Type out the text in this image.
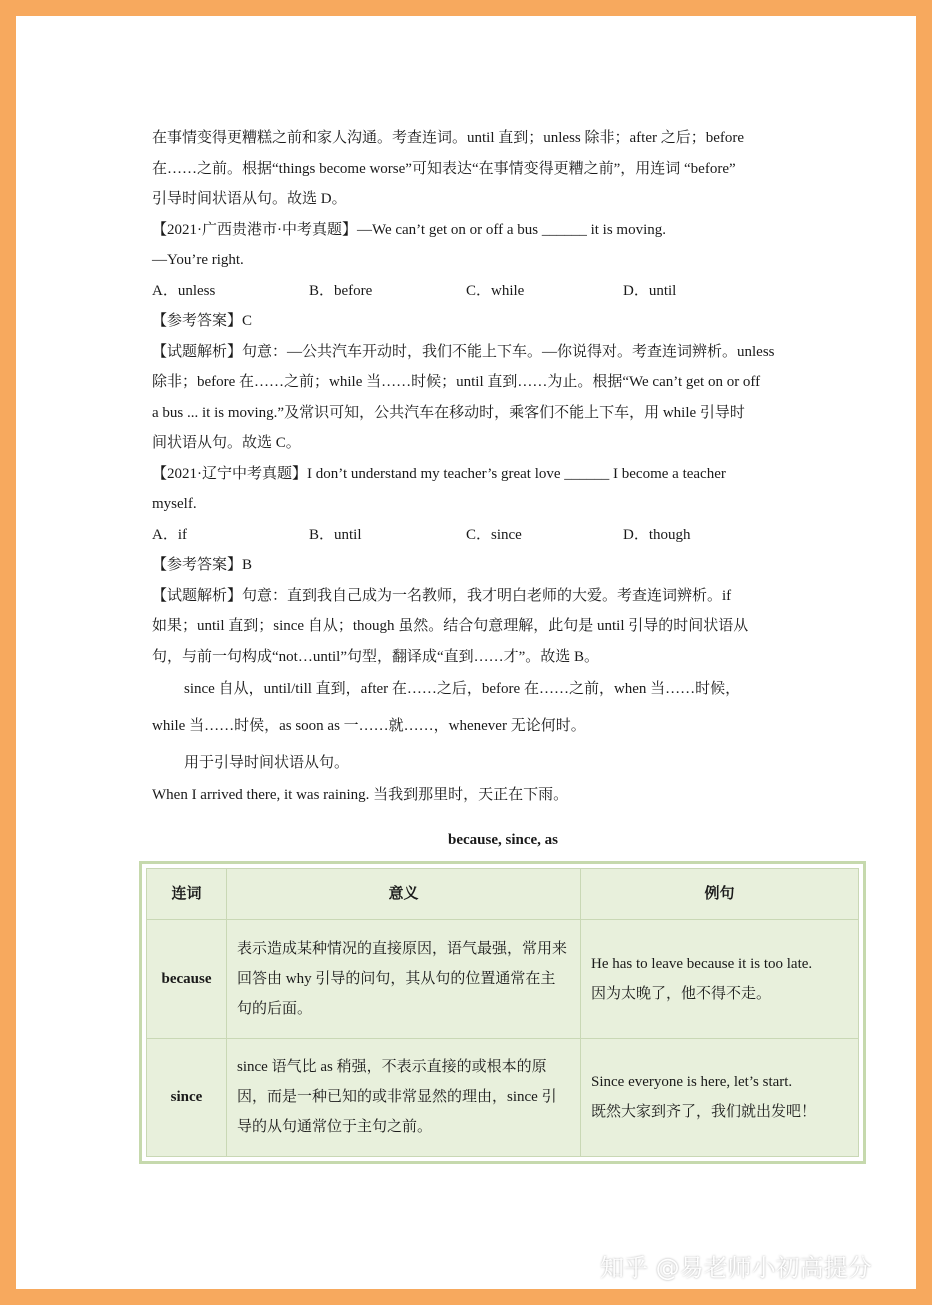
在事情变得更糟糕之前和家人沟通。考查连词。until 直到；unless 除非；after 之后；before

在……之前。根据“things become worse”可知表达“在事情变得更糟之前”，用连词 “before”

引导时间状语从句。故选 D。

【2021·广西贵港市·中考真题】—We can’t get on or off a bus ______ it is moving.

—You’re right.

A．unless	B．before	C．while	D．until

【参考答案】C

【试题解析】句意：—公共汽车开动时，我们不能上下车。—你说得对。考查连词辨析。unless

除非；before 在……之前；while 当……时候；until 直到……为止。根据“We can’t get on or off

a bus ... it is moving.”及常识可知，公共汽车在移动时，乘客们不能上下车，用 while 引导时

间状语从句。故选 C。

【2021·辽宁中考真题】I don’t understand my teacher’s great love ______ I become a teacher

myself.

A．if	B．until	C．since	D．though

【参考答案】B

【试题解析】句意：直到我自己成为一名教师，我才明白老师的大爱。考查连词辨析。if

如果；until 直到；since 自从；though 虽然。结合句意理解，此句是 until 引导的时间状语从

句，与前一句构成“not…until”句型，翻译成“直到……才”。故选 B。

since 自从，until/till 直到，after 在……之后，before 在……之前，when 当……时候，

while 当……时侯，as soon as 一……就……，whenever 无论何时。

用于引导时间状语从句。

When I arrived there, it was raining. 当我到那里时，天正在下雨。

because, since, as
连词	意义	例句
because	表示造成某种情况的直接原因，语气最强，常用来回答由 why 引导的问句，其从句的位置通常在主句的后面。	He has to leave because it is too late.
因为太晚了，他不得不走。

since	since 语气比 as 稍强，不表示直接的或根本的原因，而是一种已知的或非常显然的理由，since 引导的从句通常位于主句之前。	Since everyone is here, let’s start.
既然大家到齐了，我们就出发吧！
知乎 @易老师小初高提分
